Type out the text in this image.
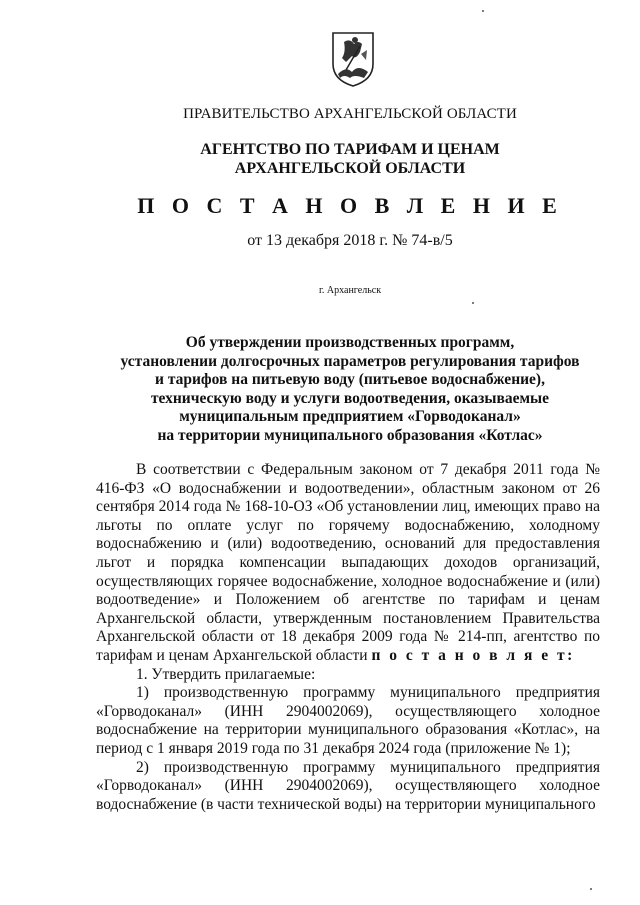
ПРАВИТЕЛЬСТВО АРХАНГЕЛЬСКОЙ ОБЛАСТИ
АГЕНТСТВО ПО ТАРИФАМ И ЦЕНАМ
АРХАНГЕЛЬСКОЙ ОБЛАСТИ
П О С Т А Н О В Л Е Н И Е
от 13 декабря 2018 г. № 74-в/5
г. Архангельск
Об утверждении производственных программ,
установлении долгосрочных параметров регулирования тарифов
и тарифов на питьевую воду (питьевое водоснабжение),
техническую воду и услуги водоотведения, оказываемые
муниципальным предприятием «Горводоканал»
на территории муниципального образования «Котлас»

В соответствии с Федеральным законом от 7 декабря 2011 года № 416-ФЗ «О водоснабжении и водоотведении», областным законом от 26 сентября 2014 года № 168-10-ОЗ «Об установлении лиц, имеющих право на льготы по оплате услуг по горячему водоснабжению, холодному водоснабжению и (или) водоотведению, оснований для предоставления льгот и порядка компенсации выпадающих доходов организаций, осуществляющих горячее водоснабжение, холодное водоснабжение и (или) водоотведение» и Положением об агентстве по тарифам и ценам Архангельской области, утвержденным постановлением Правительства Архангельской области от 18 декабря 2009 года № 214-пп, агентство по тарифам и ценам Архангельской области п о с т а н о в л я е т:

1. Утвердить прилагаемые:

1) производственную программу муниципального предприятия «Горводоканал» (ИНН 2904002069), осуществляющего холодное водоснабжение на территории муниципального образования «Котлас», на период с 1 января 2019 года по 31 декабря 2024 года (приложение № 1);

2) производственную программу муниципального предприятия «Горводоканал» (ИНН 2904002069), осуществляющего холодное водоснабжение (в части технической воды) на территории муниципального
